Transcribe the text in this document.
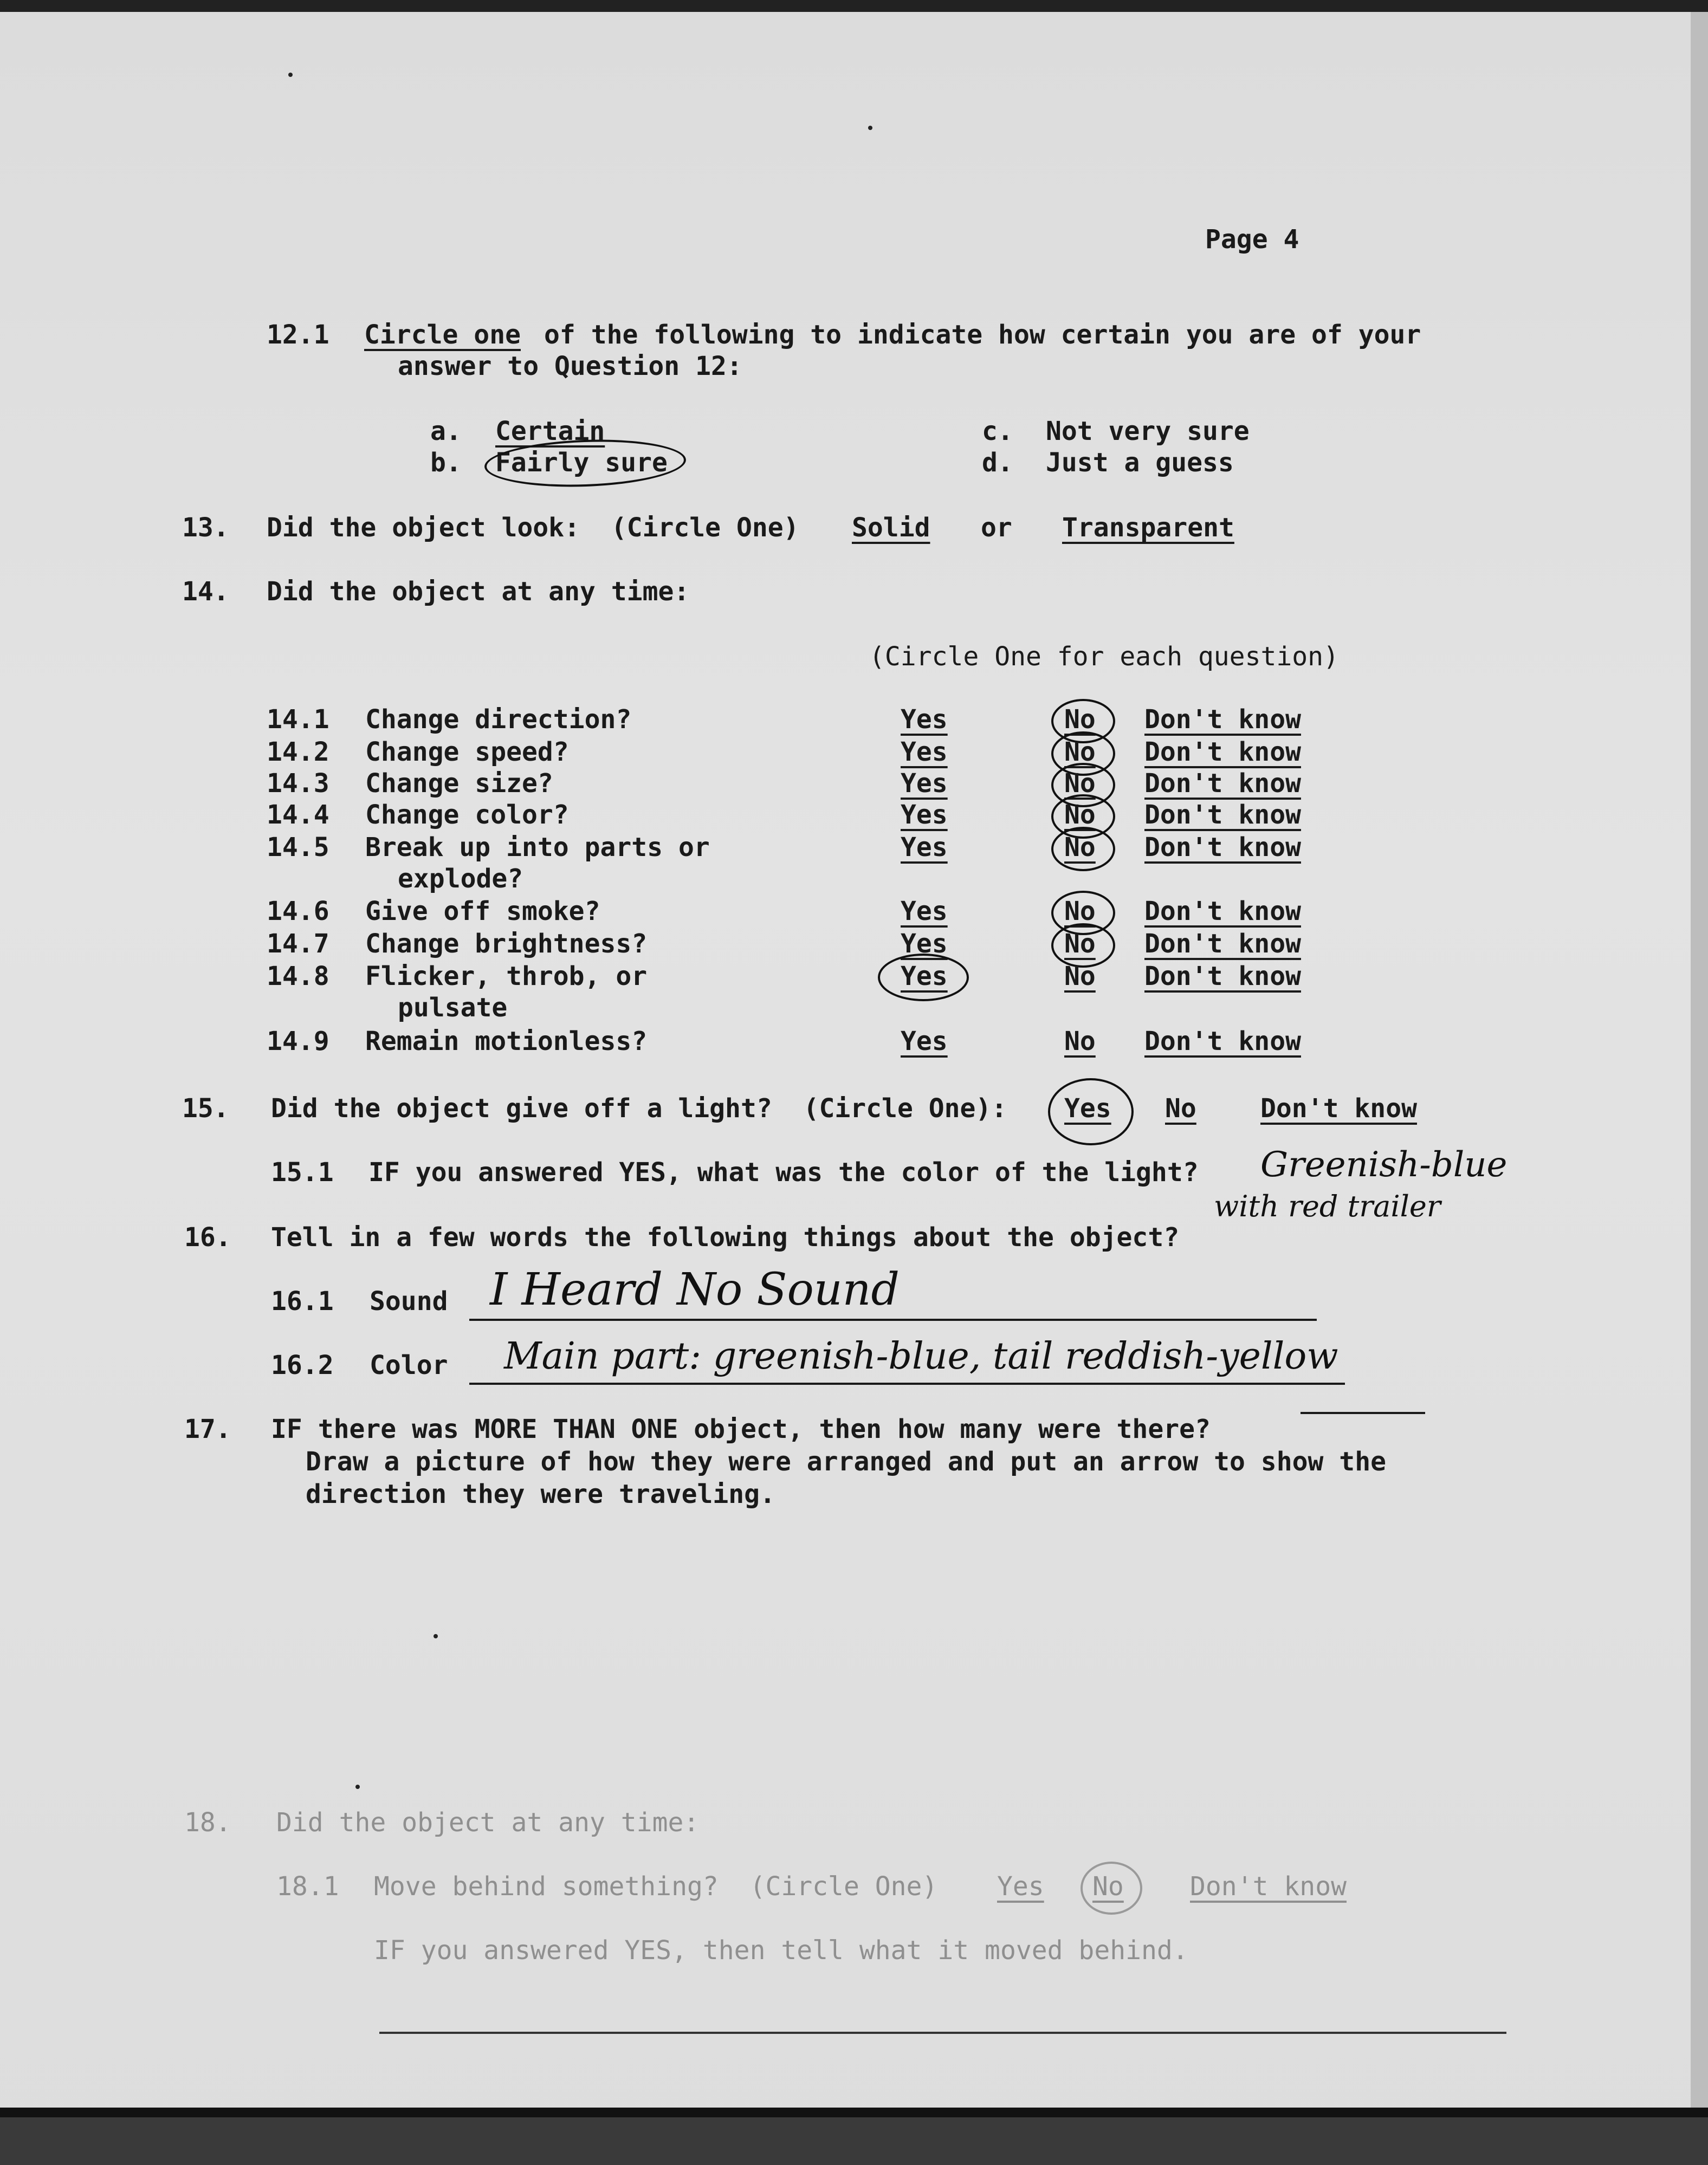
Page 4
12.1 Circle one of the following to indicate how certain you are of your
answer to Question 12:
a. Certain
b. Fairly sure
c. Not very sure
d. Just a guess
13. Did the object look:  (Circle One) Solid or Transparent
14. Did the object at any time:
(Circle One for each question)
14.1 Change direction?	Yes	No Don't know
14.2 Change speed?	Yes	No Don't know
14.3 Change size?	Yes	No Don't know
14.4 Change color?	Yes	No Don't know
14.5 Break up into parts or
explode?
Yes	No Don't know
14.6 Give off smoke?	Yes	No Don't know
14.7 Change brightness?	Yes	No Don't know
14.8 Flicker, throb, or
pulsate
Yes	No Don't know
14.9 Remain motionless?	Yes	No Don't know
15. Did the object give off a light?  (Circle One): Yes No Don't know
15.1 IF you answered YES, what was the color of the light? Greenish-blue
with red trailer
16. Tell in a few words the following things about the object?
16.1 Sound I Heard No Sound
16.2 Color Main part: greenish-blue, tail reddish-yellow
17. IF there was MORE THAN ONE object, then how many were there?
Draw a picture of how they were arranged and put an arrow to show the
direction they were traveling.
18. Did the object at any time:
18.1 Move behind something?  (Circle One) Yes No	Don't know
IF you answered YES, then tell what it moved behind.
